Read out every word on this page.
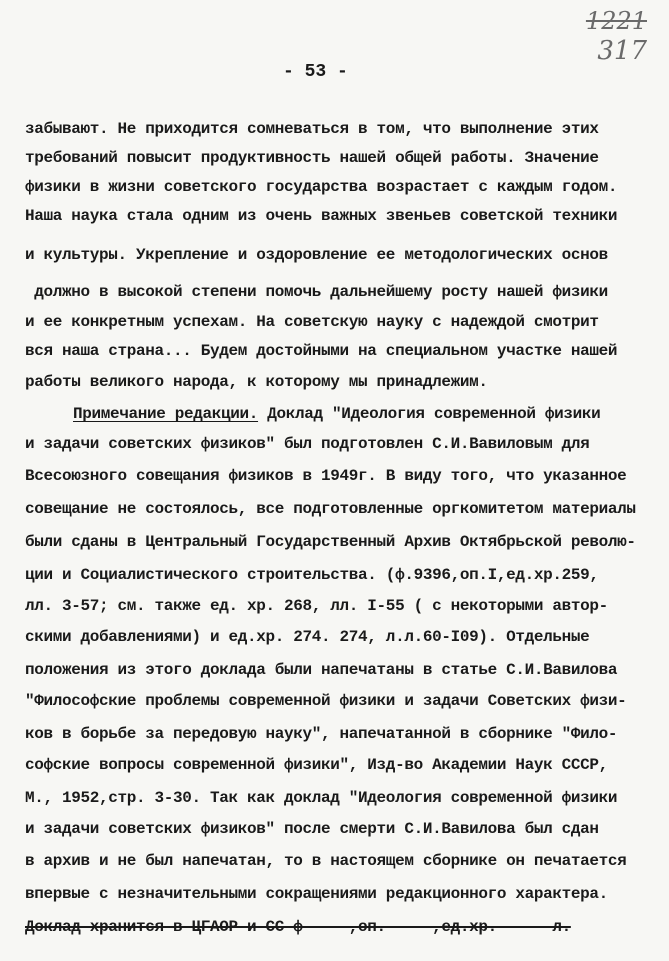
1221
317
- 53 -
забывают. Не приходится сомневаться в том, что выполнение этих
требований повысит продуктивность нашей общей работы. Значение
физики в жизни советского государства возрастает с каждым годом.
Наша наука стала одним из очень важных звеньев советской техники
и культуры. Укрепление и оздоровление ее методологических основ
должно в высокой степени помочь дальнейшему росту нашей физики
и ее конкретным успехам. На советскую науку с надеждой смотрит
вся наша страна... Будем достойными на специальном участке нашей
работы великого народа, к которому мы принадлежим.
Примечание редакции. Доклад "Идеология современной физики
и задачи советских физиков" был подготовлен С.И.Вавиловым для
Всесоюзного совещания физиков в 1949г. В виду того, что указанное
совещание не состоялось, все подготовленные оргкомитетом материалы
были сданы в Центральный Государственный Архив Октябрьской револю-
ции и Социалистического строительства. (ф.9396,оп.I,ед.хр.259,
лл. 3-57; см. также ед. хр. 268, лл. I-55 ( с некоторыми автор-
скими добавлениями) и ед.хр. 274. 274, л.л.60-I09). Отдельные
положения из этого доклада были напечатаны в статье С.И.Вавилова
"Философские проблемы современной физики и задачи Советских физи-
ков в борьбе за передовую науку", напечатанной в сборнике "Фило-
софские вопросы современной физики", Изд-во Академии Наук СССР,
М., 1952,стр. 3-30. Так как доклад "Идеология современной физики
и задачи советских физиков" после смерти С.И.Вавилова был сдан
в архив и не был напечатан, то в настоящем сборнике он печатается
впервые с незначительными сокращениями редакционного характера.
Доклад хранится в ЦГАОР и СС ф     ,оп.     ,ед.хр.      л.
